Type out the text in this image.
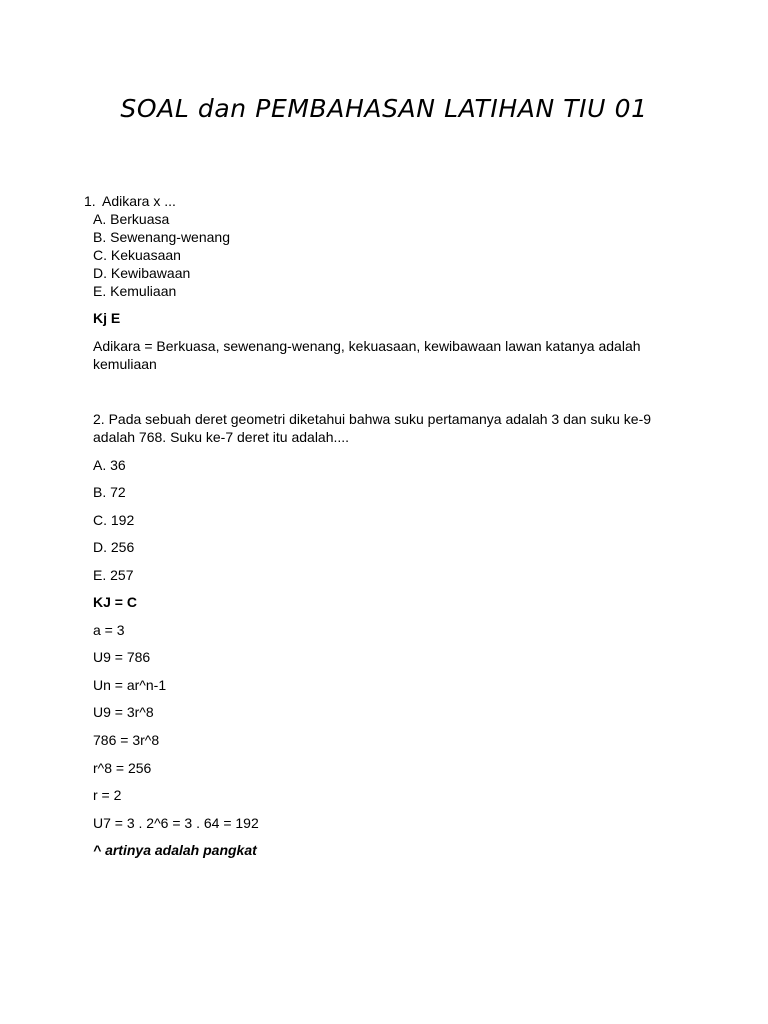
SOAL dan PEMBAHASAN LATIHAN TIU 01
1. Adikara x ...
A. Berkuasa
B. Sewenang-wenang
C. Kekuasaan
D. Kewibawaan
E. Kemuliaan
Kj E
Adikara = Berkuasa, sewenang-wenang, kekuasaan, kewibawaan lawan katanya adalah
kemuliaan
2. Pada sebuah deret geometri diketahui bahwa suku pertamanya adalah 3 dan suku ke-9
adalah 768. Suku ke-7 deret itu adalah....
A. 36
B. 72
C. 192
D. 256
E. 257
KJ = C
a = 3
U9 = 786
Un = ar^n-1
U9 = 3r^8
786 = 3r^8
r^8 = 256
r = 2
U7 = 3 . 2^6 = 3 . 64 = 192
^ artinya adalah pangkat
